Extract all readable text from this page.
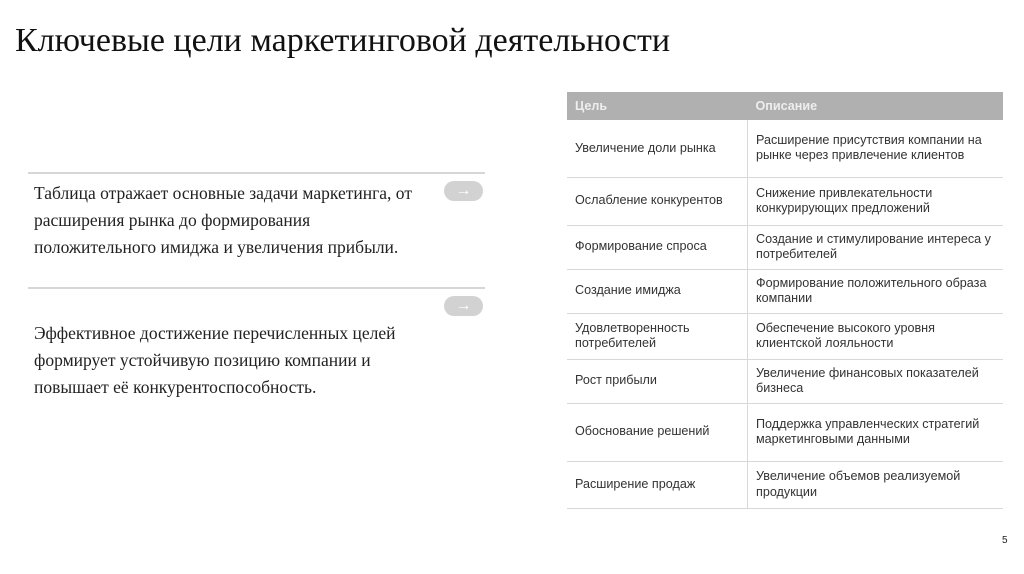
Ключевые цели маркетинговой деятельности
→
Таблица отражает основные задачи маркетинга, от расширения рынка до формирования положительного имиджа и увеличения прибыли.
→
Эффективное достижение перечисленных целей формирует устойчивую позицию компании и повышает её конкурентоспособность.
Цель	Описание
Увеличение доли рынка	Расширение присутствия компании на рынке через привлечение клиентов
Ослабление конкурентов	Снижение привлекательности конкурирующих предложений
Формирование спроса	Создание и стимулирование интереса у потребителей
Создание имиджа	Формирование положительного образа компании
Удовлетворенность потребителей	Обеспечение высокого уровня клиентской лояльности
Рост прибыли	Увеличение финансовых показателей бизнеса
Обоснование решений	Поддержка управленческих стратегий маркетинговыми данными
Расширение продаж	Увеличение объемов реализуемой продукции
5
